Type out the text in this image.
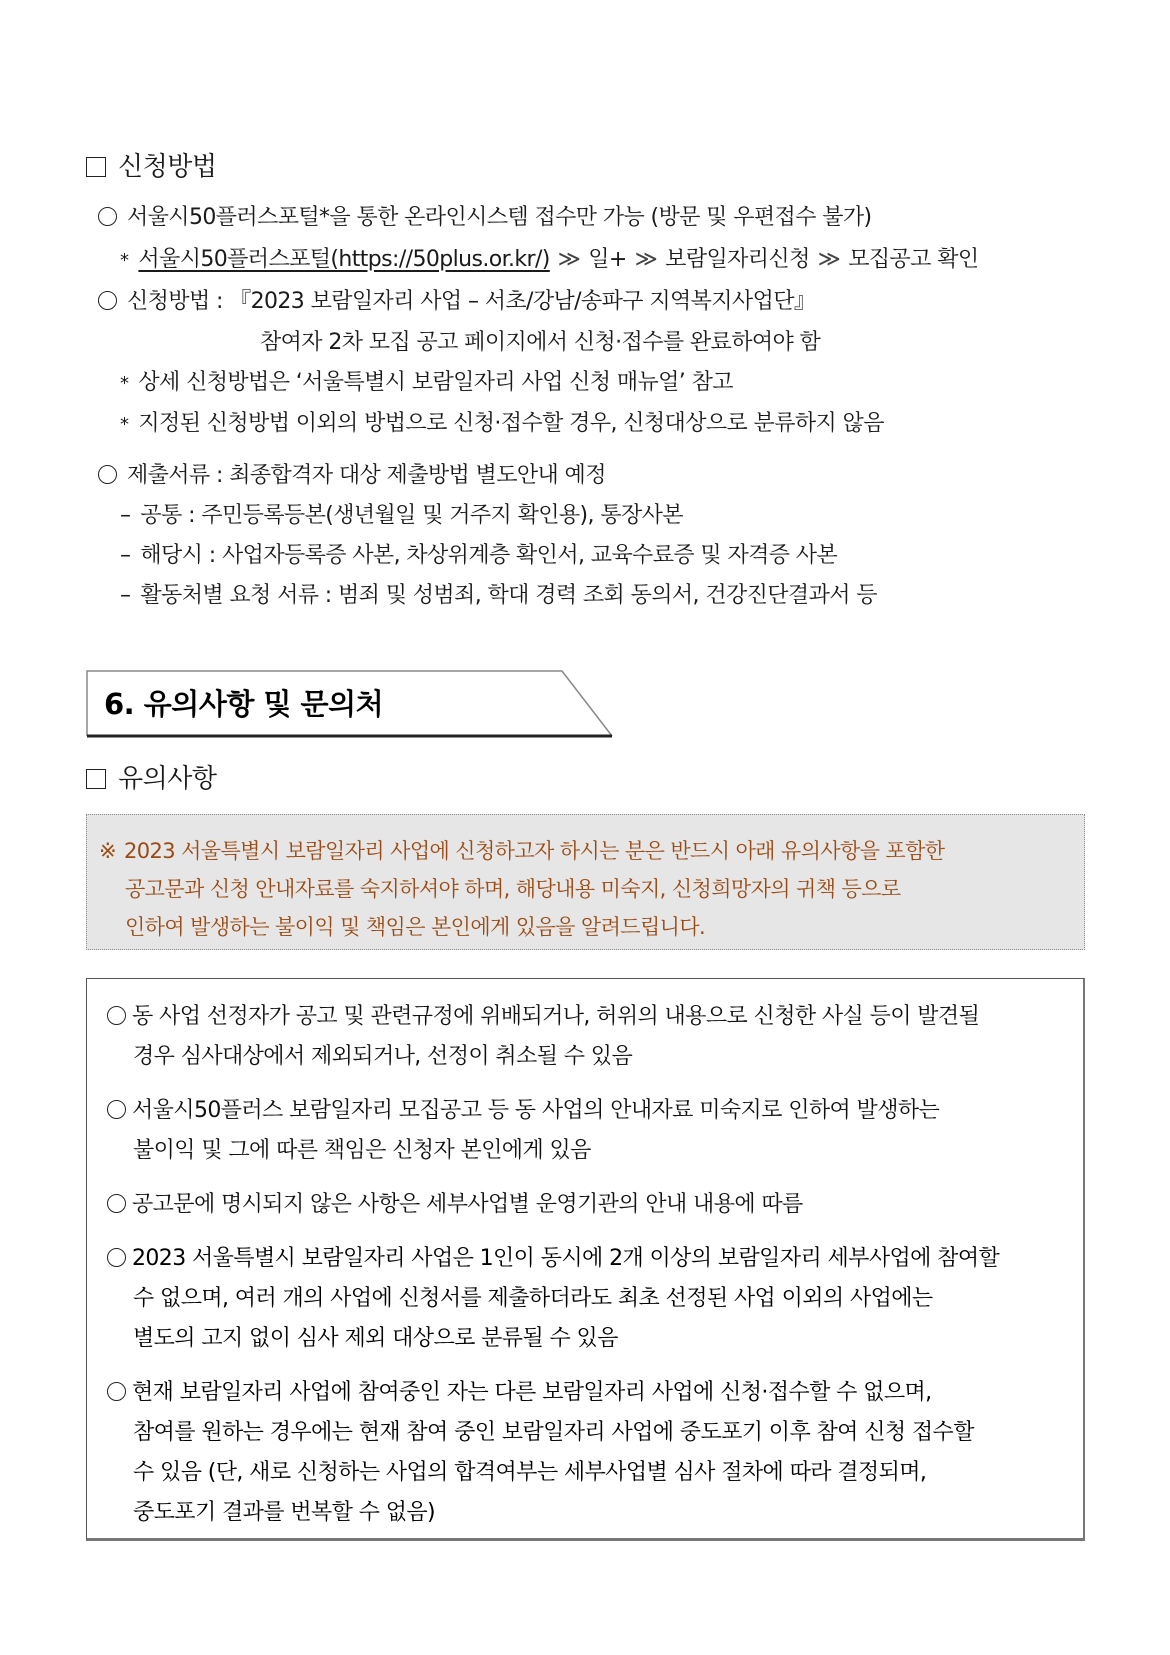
신청방법
서울시50플러스포털*을 통한 온라인시스템 접수만 가능 (방문 및 우편접수 불가)
* 서울시50플러스포털(https://50plus.or.kr/) ≫ 일+ ≫ 보람일자리신청 ≫ 모집공고 확인
신청방법 : 『2023 보람일자리 사업 – 서초/강남/송파구 지역복지사업단』
참여자 2차 모집 공고 페이지에서 신청·접수를 완료하여야 함
* 상세 신청방법은 ‘서울특별시 보람일자리 사업 신청 매뉴얼’ 참고
* 지정된 신청방법 이외의 방법으로 신청·접수할 경우, 신청대상으로 분류하지 않음
제출서류 : 최종합격자 대상 제출방법 별도안내 예정
– 공통 : 주민등록등본(생년월일 및 거주지 확인용), 통장사본
– 해당시 : 사업자등록증 사본, 차상위계층 확인서, 교육수료증 및 자격증 사본
– 활동처별 요청 서류 : 범죄 및 성범죄, 학대 경력 조회 동의서, 건강진단결과서 등
6. 유의사항 및 문의처
유의사항
※ 2023 서울특별시 보람일자리 사업에 신청하고자 하시는 분은 반드시 아래 유의사항을 포함한
공고문과 신청 안내자료를 숙지하셔야 하며, 해당내용 미숙지, 신청희망자의 귀책 등으로
인하여 발생하는 불이익 및 책임은 본인에게 있음을 알려드립니다.
동 사업 선정자가 공고 및 관련규정에 위배되거나, 허위의 내용으로 신청한 사실 등이 발견될
경우 심사대상에서 제외되거나, 선정이 취소될 수 있음
서울시50플러스 보람일자리 모집공고 등 동 사업의 안내자료 미숙지로 인하여 발생하는
불이익 및 그에 따른 책임은 신청자 본인에게 있음
공고문에 명시되지 않은 사항은 세부사업별 운영기관의 안내 내용에 따름
2023 서울특별시 보람일자리 사업은 1인이 동시에 2개 이상의 보람일자리 세부사업에 참여할
수 없으며, 여러 개의 사업에 신청서를 제출하더라도 최초 선정된 사업 이외의 사업에는
별도의 고지 없이 심사 제외 대상으로 분류될 수 있음
현재 보람일자리 사업에 참여중인 자는 다른 보람일자리 사업에 신청·접수할 수 없으며,
참여를 원하는 경우에는 현재 참여 중인 보람일자리 사업에 중도포기 이후 참여 신청 접수할
수 있음 (단, 새로 신청하는 사업의 합격여부는 세부사업별 심사 절차에 따라 결정되며,
중도포기 결과를 번복할 수 없음)
